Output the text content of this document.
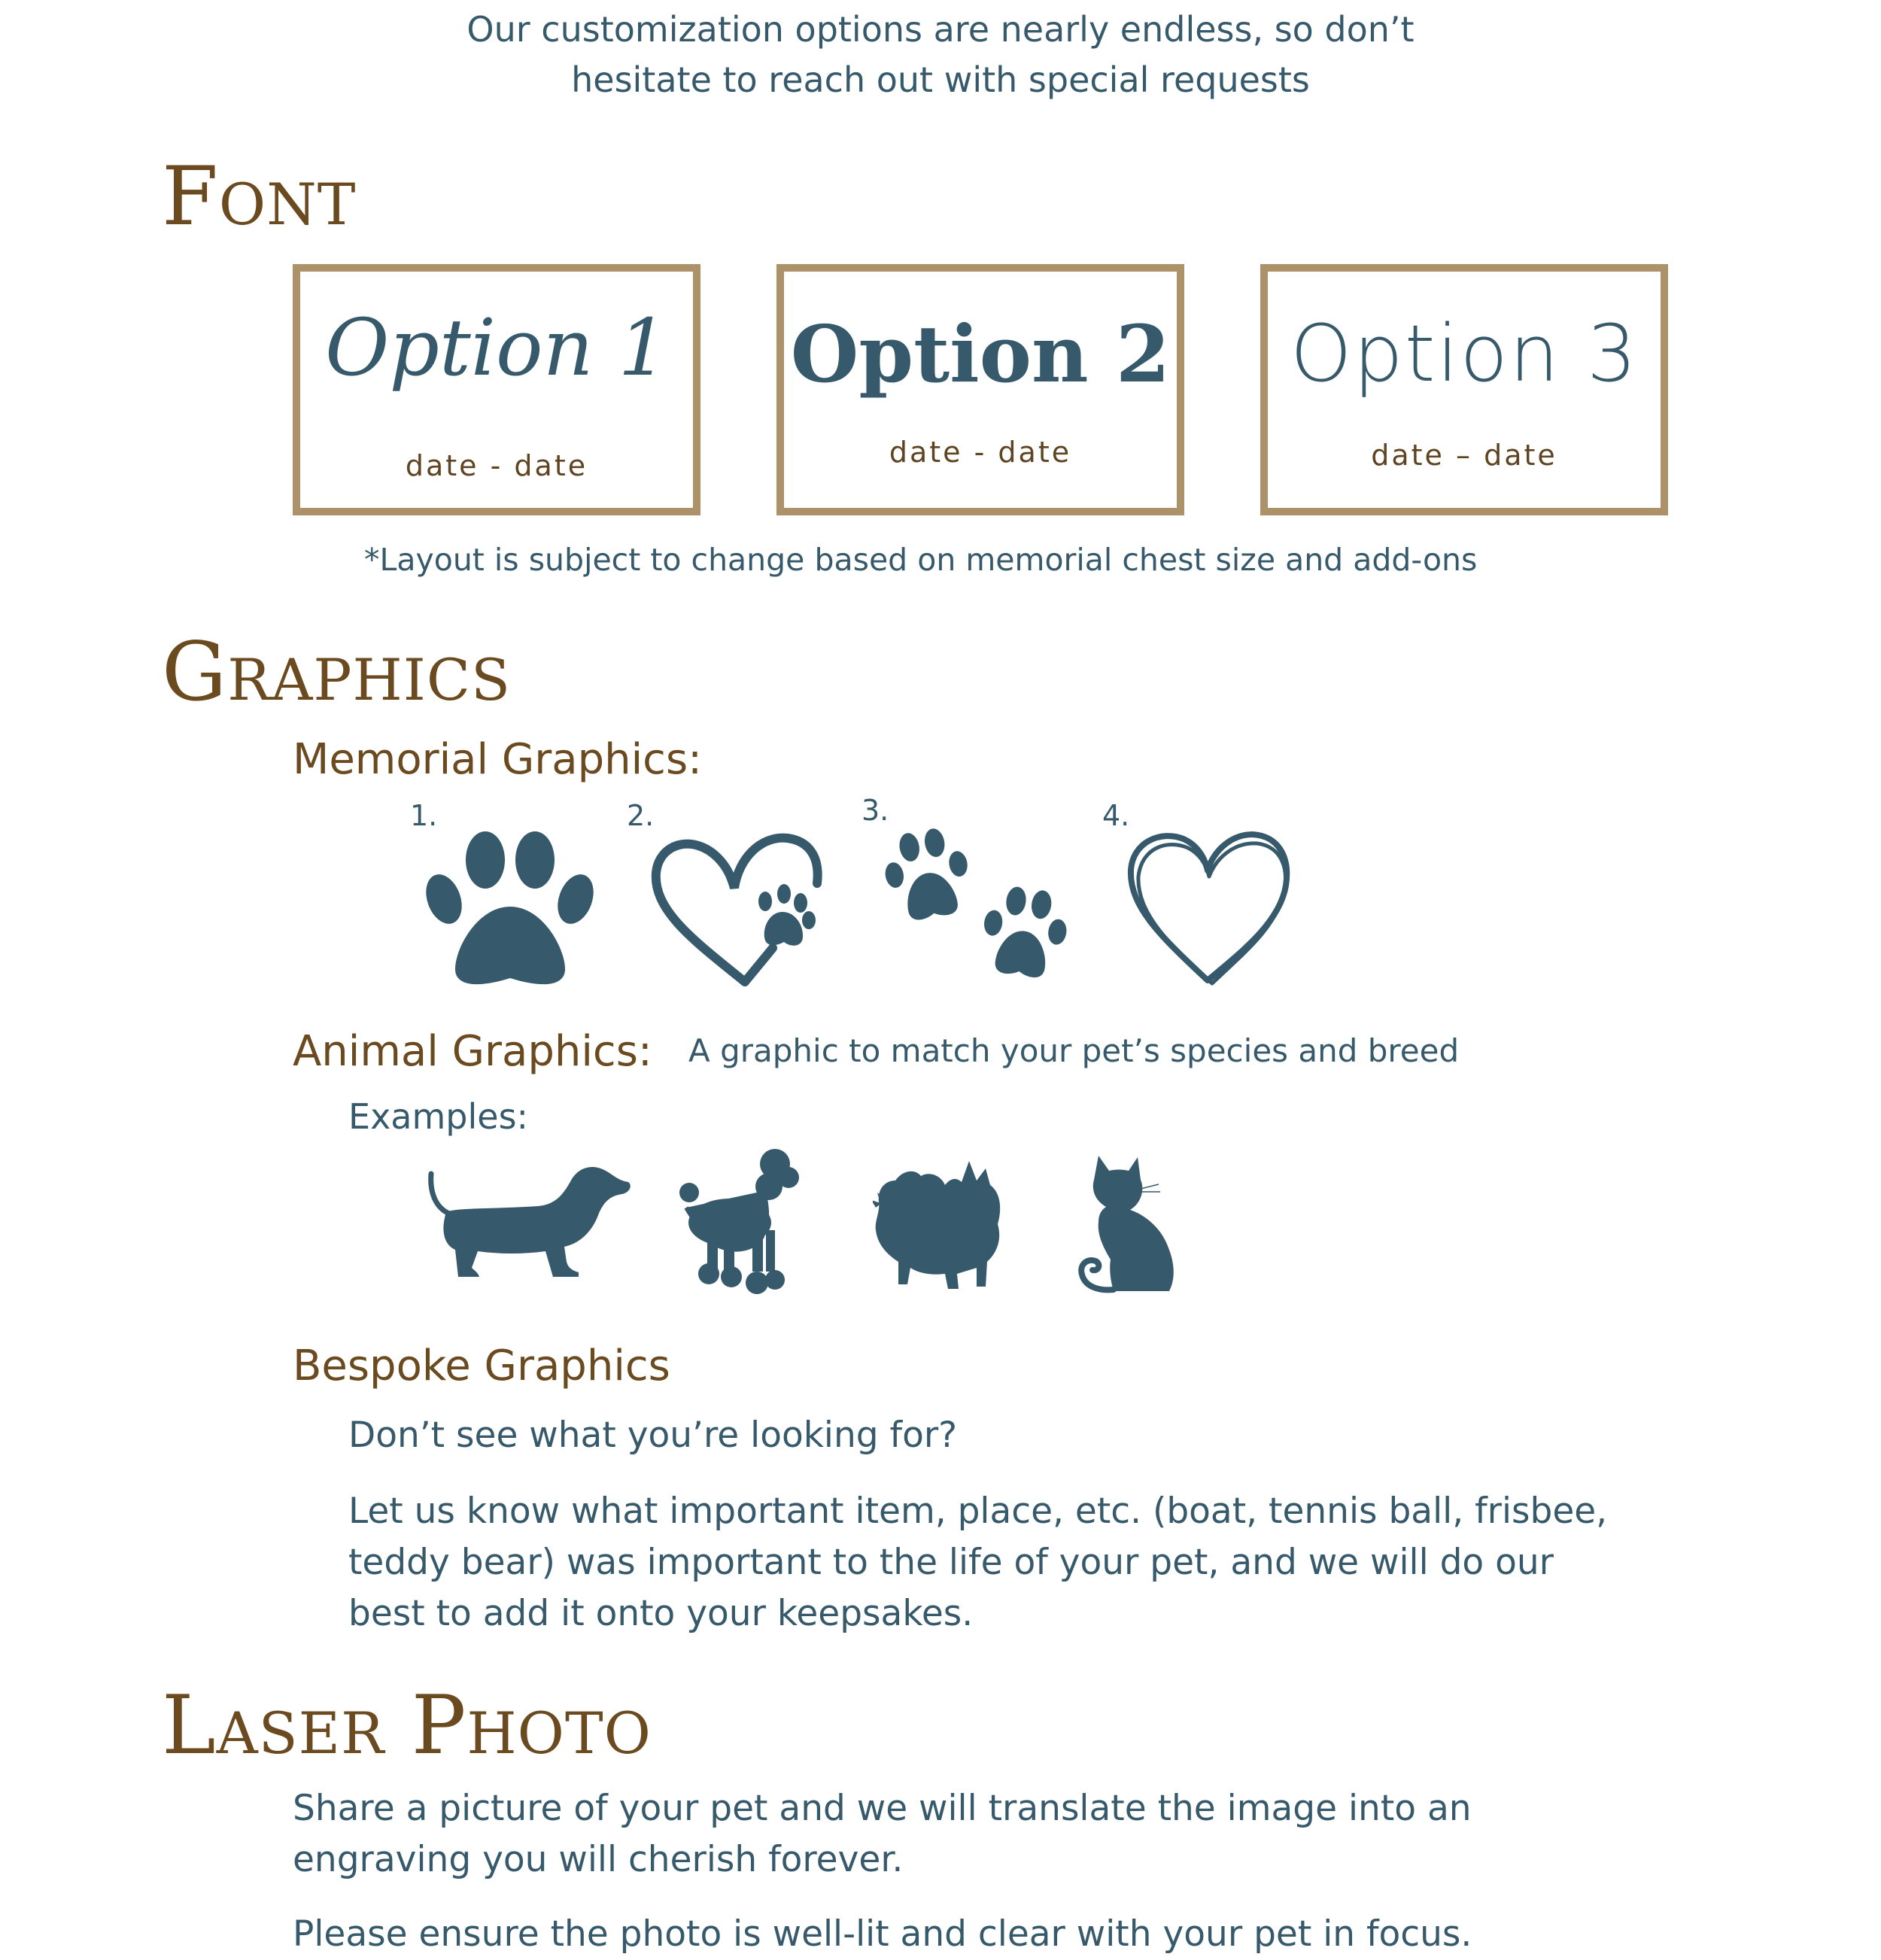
Our customization options are nearly endless, so don’t
hesitate to reach out with special requests
Font
Option 1
date - date
Option 2
date - date
Option 3
date – date
*Layout is subject to change based on memorial chest size and add-ons
Graphics
Memorial Graphics:
1.	2.	3.	4.
Animal Graphics: A graphic to match your pet’s species and breed
Examples:
Bespoke Graphics
Don’t see what you’re looking for?
Let us know what important item, place, etc. (boat, tennis ball, frisbee,
teddy bear) was important to the life of your pet, and we will do our
best to add it onto your keepsakes.
Laser Photo
Share a picture of your pet and we will translate the image into an
engraving you will cherish forever.
Please ensure the photo is well-lit and clear with your pet in focus.
